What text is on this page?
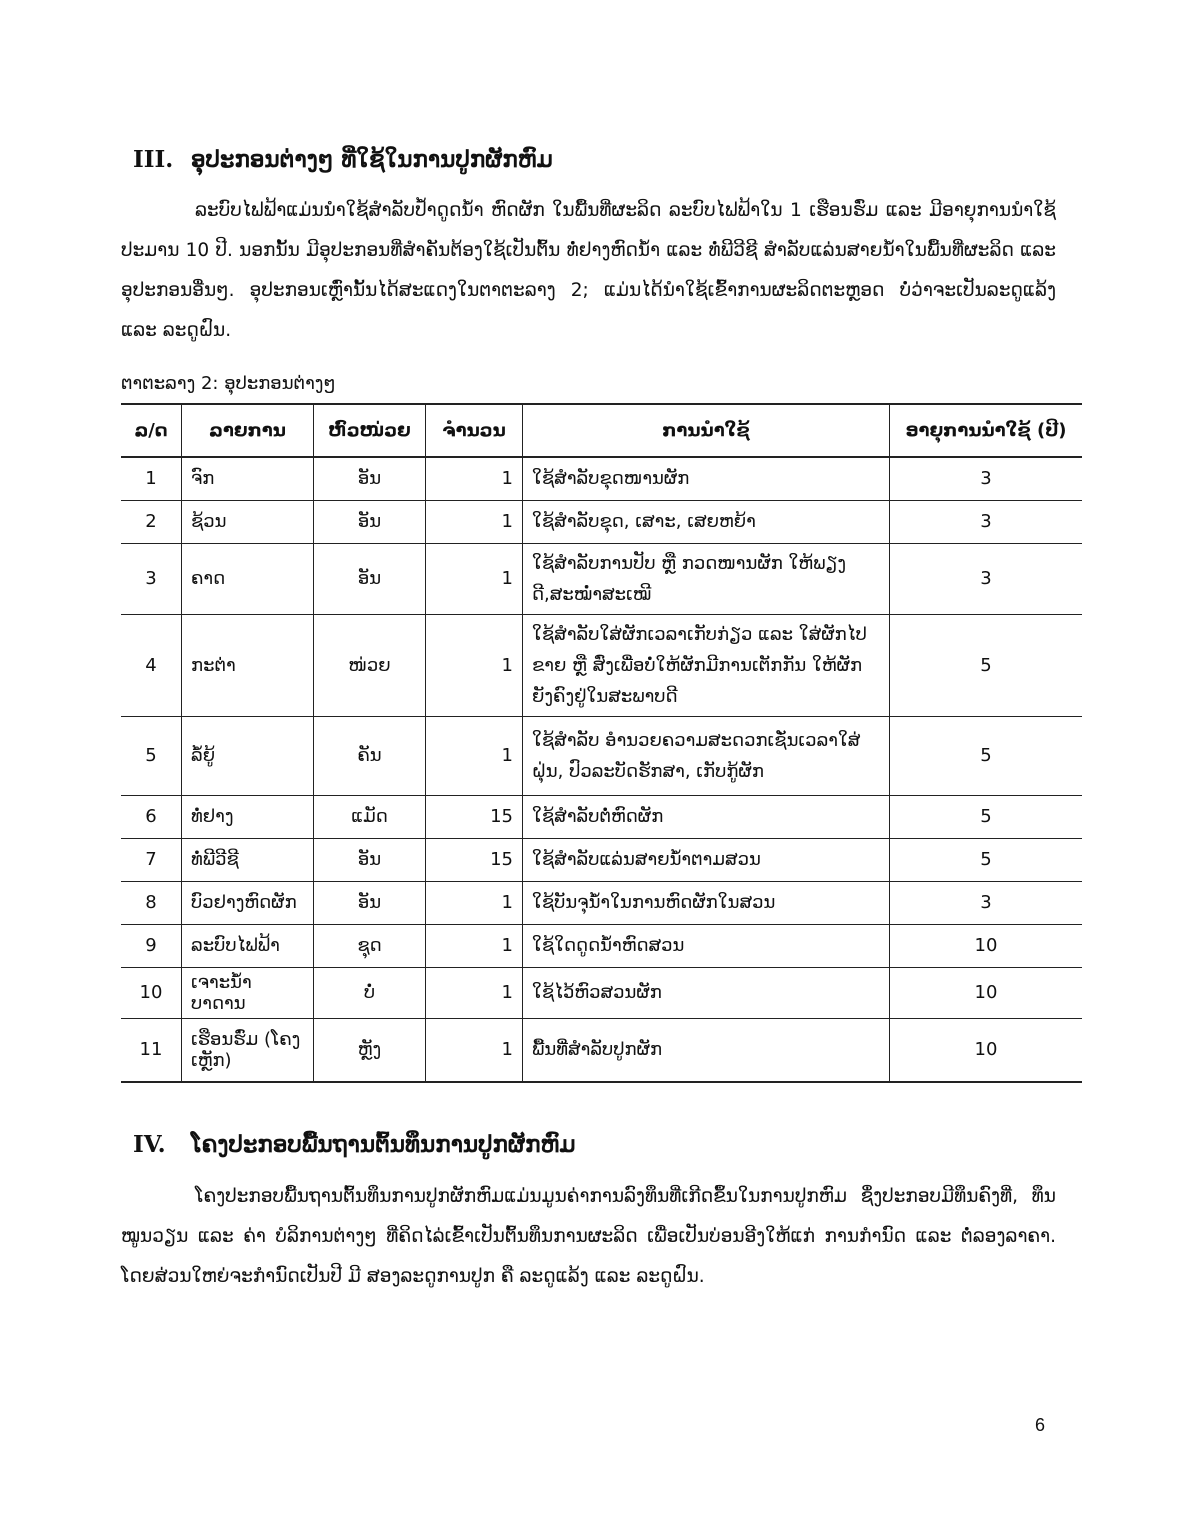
III. ອຸປະກອນຕ່າງໆ ທີ່ໃຊ້ໃນການປູກຜັກຫົມ
ລະບົບໄຟຟ້າແມ່ນນໍາໃຊ້ສໍາລັບປ້ໍາດູດນໍ້າ ຫົດຜັກ ໃນພື້ນທີ່ຜະລິດ ລະບົບໄຟຟ້າໃນ 1 ເຮືອນຮົ່ມ ແລະ ມີອາຍຸການນໍາໃຊ້ ປະມານ 10 ປີ. ນອກນັ້ນ ມີອຸປະກອນທີ່ສໍາຄັນຕ້ອງໃຊ້ເປັນຕົ້ນ ທໍ່ຢາງຫົດນໍ້າ ແລະ ທໍ່ພີວີຊີ ສໍາລັບແລ່ນສາຍນໍ້າໃນພື້ນທີ່ຜະລິດ ແລະ ອຸປະກອນອື່ນໆ. ອຸປະກອນເຫຼົ່ານັ້ນໄດ້ສະແດງໃນຕາຕະລາງ 2; ແມ່ນໄດ້ນໍາໃຊ້ເຂົ້າການຜະລິດຕະຫຼອດ ບໍ່ວ່າຈະເປັນລະດູແລ້ງ ແລະ ລະດູຝົນ.
ຕາຕະລາງ 2: ອຸປະກອນຕ່າງໆ
ລ/ດ	ລາຍການ	ຫົວໜ່ວຍ	ຈໍານວນ	ການນໍາໃຊ້	ອາຍຸການນໍາໃຊ້ (ປີ)
1	ຈົກ	ອັນ	1	ໃຊ້ສໍາລັບຂຸດໜານຜັກ	3
2	ຊ້ວນ	ອັນ	1	ໃຊ້ສໍາລັບຂຸດ, ເສາະ, ເສຍຫຍ້າ	3
3	ຄາດ	ອັນ	1	ໃຊ້ສໍາລັບການປັບ ຫຼື ກວດໜານຜັກ ໃຫ້ພຽງດີ,ສະໝໍ່າສະເໝີ	3
4	ກະຕ່າ	ໜ່ວຍ	1	ໃຊ້ສໍາລັບໃສ່ຜັກເວລາເກັບກ່ຽວ ແລະ ໃສ່ຜັກໄປຂາຍ ຫຼື ສົ່ງເພື່ອບໍ່ໃຫ້ຜັກມີການເຕັກກັນ ໃຫ້ຜັກຍັງຄົງຢູ່ໃນສະພາບດີ	5
5	ລໍ້ຍູ້	ຄັນ	1	ໃຊ້ສໍາລັບ ອໍານວຍຄວາມສະດວກເຊັ່ນເວລາໃສ່ຝຸ່ນ, ປົວລະບັດຮັກສາ, ເກັບກູ້ຜັກ	5
6	ທໍ່ຢາງ	ແມັດ	15	ໃຊ້ສໍາລັບຕໍ່ຫົດຜັກ	5
7	ທໍ່ພີວີຊີ	ອັນ	15	ໃຊ້ສໍາລັບແລ່ນສາຍນໍ້າຕາມສວນ	5
8	ບົວຢາງຫົດຜັກ	ອັນ	1	ໃຊ້ບັນຈຸນໍ້າໃນການຫົດຜັກໃນສວນ	3
9	ລະບົບໄຟຟ້າ	ຊຸດ	1	ໃຊ້ໃດດູດນໍ້າຫົດສວນ	10
10	ເຈາະນໍ້າບາດານ	ບໍ່	1	ໃຊ້ໄວ້ຫົວສວນຜັກ	10
11	ເຮືອນຮົ່ມ (ໂຄງເຫຼັກ)	ຫຼັງ	1	ພື້ນທີ່ສໍາລັບປູກຜັກ	10
IV. ໂຄງປະກອບພື້ນຖານຕົ້ນທຶນການປູກຜັກຫົມ
ໂຄງປະກອບພື້ນຖານຕົ້ນທຶນການປູກຜັກຫົມແມ່ນມູນຄ່າການລົງທຶນທີ່ເກີດຂຶ້ນໃນການປູກຫົມ ຊຶ່ງປະກອບມີທຶນຄົງທີ່, ທຶນໝູນວຽນ ແລະ ຄ່າ ບໍລິການຕ່າງໆ ທີ່ຄິດໄລ່ເຂົ້າເປັນຕົ້ນທຶນການຜະລິດ ເພື່ອເປັນບ່ອນອີງໃຫ້ແກ່ ການກໍານົດ ແລະ ຕໍ່ລອງລາຄາ. ໂດຍສ່ວນໃຫຍ່ຈະກໍານົດເປັນປີ ມີ ສອງລະດູການປູກ ຄື ລະດູແລ້ງ ແລະ ລະດູຝົນ.
6
